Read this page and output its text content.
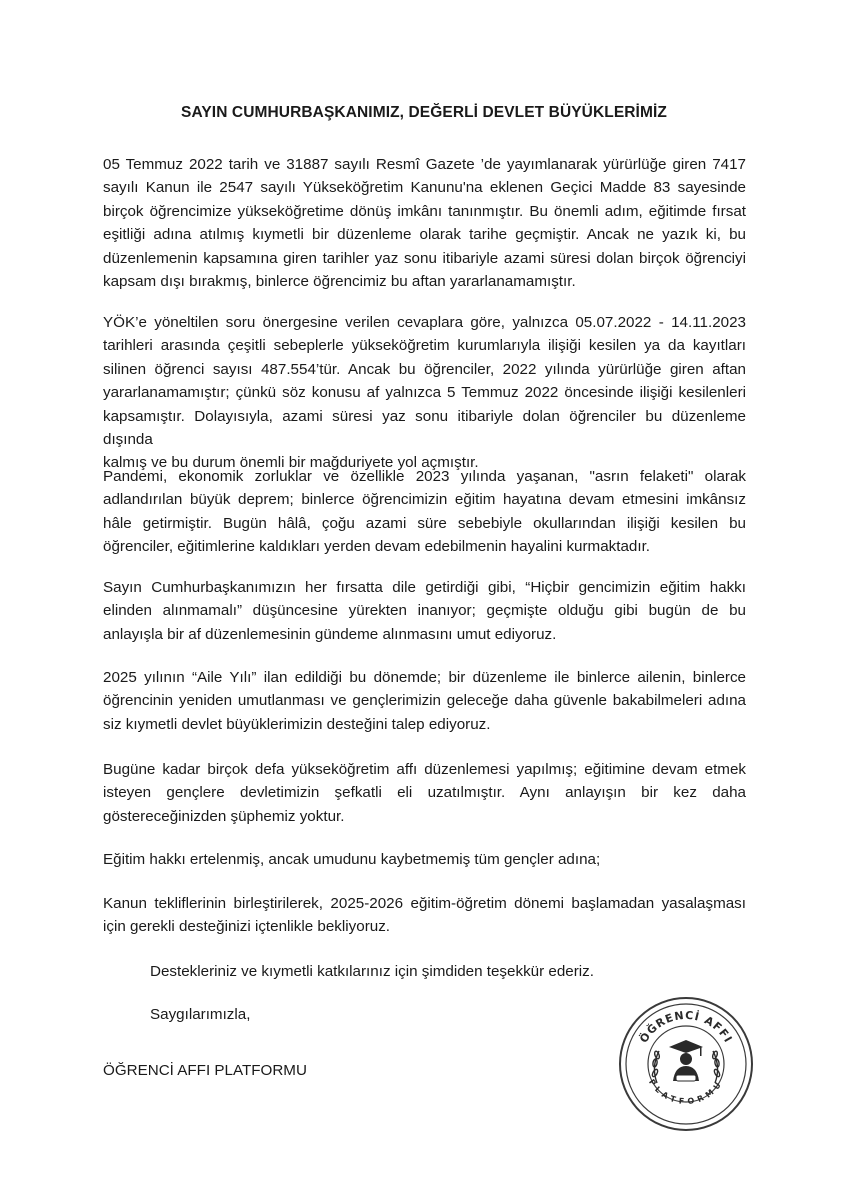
SAYIN CUMHURBAŞKANIMIZ, DEĞERLİ DEVLET BÜYÜKLERİMİZ
05 Temmuz 2022 tarih ve 31887 sayılı Resmî Gazete ’de yayımlanarak yürürlüğe giren 7417
sayılı Kanun ile 2547 sayılı Yükseköğretim Kanunu'na eklenen Geçici Madde 83 sayesinde
birçok öğrencimize yükseköğretime dönüş imkânı tanınmıştır. Bu önemli adım, eğitimde fırsat
eşitliği adına atılmış kıymetli bir düzenleme olarak tarihe geçmiştir. Ancak ne yazık ki, bu
düzenlemenin kapsamına giren tarihler yaz sonu itibariyle azami süresi dolan birçok öğrenciyi
kapsam dışı bırakmış, binlerce öğrencimiz bu aftan yararlanamamıştır.
YÖK’e yöneltilen soru önergesine verilen cevaplara göre, yalnızca 05.07.2022 - 14.11.2023
tarihleri arasında çeşitli sebeplerle yükseköğretim kurumlarıyla ilişiği kesilen ya da kayıtları
silinen öğrenci sayısı 487.554’tür. Ancak bu öğrenciler, 2022 yılında yürürlüğe giren aftan
yararlanamamıştır; çünkü söz konusu af yalnızca 5 Temmuz 2022 öncesinde ilişiği kesilenleri
kapsamıştır. Dolayısıyla, azami süresi yaz sonu itibariyle dolan öğrenciler bu düzenleme dışında
kalmış ve bu durum önemli bir mağduriyete yol açmıştır.
Pandemi, ekonomik zorluklar ve özellikle 2023 yılında yaşanan, "asrın felaketi" olarak
adlandırılan büyük deprem; binlerce öğrencimizin eğitim hayatına devam etmesini imkânsız
hâle getirmiştir. Bugün hâlâ, çoğu azami süre sebebiyle okullarından ilişiği kesilen bu
öğrenciler, eğitimlerine kaldıkları yerden devam edebilmenin hayalini kurmaktadır.
Sayın Cumhurbaşkanımızın her fırsatta dile getirdiği gibi, “Hiçbir gencimizin eğitim hakkı
elinden alınmamalı” düşüncesine yürekten inanıyor; geçmişte olduğu gibi bugün de bu
anlayışla bir af düzenlemesinin gündeme alınmasını umut ediyoruz.
2025 yılının “Aile Yılı” ilan edildiği bu dönemde; bir düzenleme ile binlerce ailenin, binlerce
öğrencinin yeniden umutlanması ve gençlerimizin geleceğe daha güvenle bakabilmeleri adına
siz kıymetli devlet büyüklerimizin desteğini talep ediyoruz.
Bugüne kadar birçok defa yükseköğretim affı düzenlemesi yapılmış; eğitimine devam etmek
isteyen gençlere devletimizin şefkatli eli uzatılmıştır. Aynı anlayışın bir kez daha
göstereceğinizden şüphemiz yoktur.
Eğitim hakkı ertelenmiş, ancak umudunu kaybetmemiş tüm gençler adına;
Kanun tekliflerinin birleştirilerek, 2025-2026 eğitim-öğretim dönemi başlamadan yasalaşması
için gerekli desteğinizi içtenlikle bekliyoruz.
Destekleriniz ve kıymetli katkılarınız için şimdiden teşekkür ederiz.
Saygılarımızla,
ÖĞRENCİ AFFI PLATFORMU
ÖĞRENCİ AFFI
PLATFORMU
